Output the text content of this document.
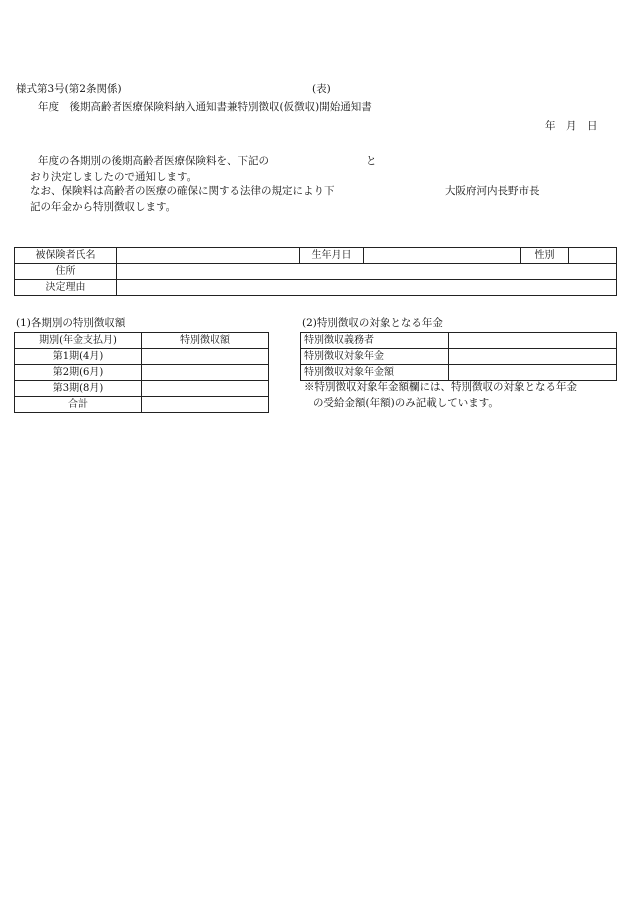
様式第3号(第2条関係)	(表)
年度　後期高齢者医療保険料納入通知書兼特別徴収(仮徴収)開始通知書
年　月　日
年度の各期別の後期高齢者医療保険料を、下記の	と
おり決定しましたので通知します。
なお、保険料は高齢者の医療の確保に関する法律の規定により下	大阪府河内長野市長
記の年金から特別徴収します。
被保険者氏名		生年月日		性別	
住所					
決定理由					
(1)各期別の特別徴収額
期別(年金支払月)	特別徴収額
第1期(4月)	
第2期(6月)	
第3期(8月)	
合計	
(2)特別徴収の対象となる年金
特別徴収義務者	
特別徴収対象年金	
特別徴収対象年金額	
※特別徴収対象年金額欄には、特別徴収の対象となる年金
の受給金額(年額)のみ記載しています。
